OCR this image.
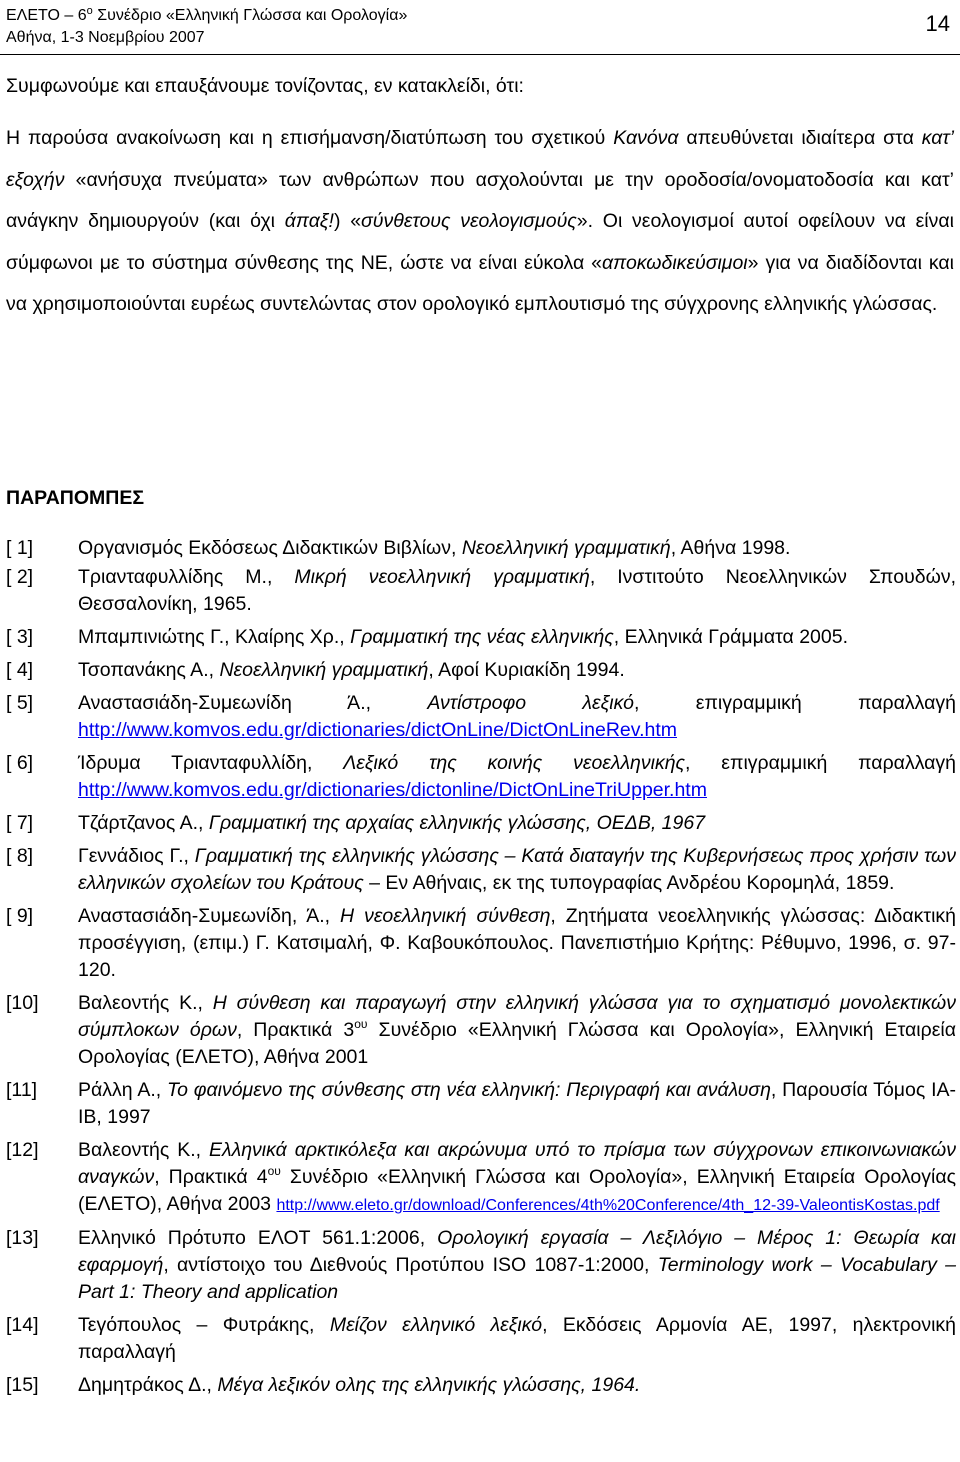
ΕΛΕΤΟ – $6^o$ Συνέδριο «Ελληνική Γλώσσα και Ορολογία»
Αθήνα, 1-3 Νοεμβρίου 2007
14
Συμφωνούμε και επαυξάνουμε τονίζοντας, εν κατακλείδι, ότι:
Η παρούσα ανακοίνωση και η επισήμανση/διατύπωση του σχετικού Κανόνα απευθύνεται ιδιαίτερα στα κατ’ εξοχήν «ανήσυχα πνεύματα» των ανθρώπων που ασχολούνται με την οροδοσία/ονοματοδοσία και κατ’ ανάγκην δημιουργούν (και όχι άπαξ!) «σύνθετους νεολογισμούς». Οι νεολογισμοί αυτοί οφείλουν να είναι σύμφωνοι με το σύστημα σύνθεσης της ΝΕ, ώστε να είναι εύκολα «αποκωδικεύσιμοι» για να διαδίδονται και να χρησιμοποιούνται ευρέως συντελώντας στον ορολογικό εμπλουτισμό της σύγχρονης ελληνικής γλώσσας.
ΠΑΡΑΠΟΜΠΕΣ
[ 1]	Οργανισμός Εκδόσεως Διδακτικών Βιβλίων, Νεοελληνική γραμματική, Αθήνα 1998.
[ 2]	Τριανταφυλλίδης Μ., Μικρή νεοελληνική γραμματική, Ινστιτούτο Νεοελληνικών Σπουδών, Θεσσαλονίκη, 1965.
[ 3]	Μπαμπινιώτης Γ., Κλαίρης Χρ., Γραμματική της νέας ελληνικής, Ελληνικά Γράμματα 2005.
[ 4]	Τσοπανάκης Α., Νεοελληνική γραμματική, Αφοί Κυριακίδη 1994.
[ 5]	Αναστασιάδη-Συμεωνίδη Ά., Αντίστροφο λεξικό, επιγραμμική παραλλαγή http://www.komvos.edu.gr/dictionaries/dictOnLine/DictOnLineRev.htm
[ 6]	Ίδρυμα Τριανταφυλλίδη, Λεξικό της κοινής νεοελληνικής, επιγραμμική παραλλαγή http://www.komvos.edu.gr/dictionaries/dictonline/DictOnLineTriUpper.htm
[ 7]	Τζάρτζανος Α., Γραμματική της αρχαίας ελληνικής γλώσσης, ΟΕΔΒ, 1967
[ 8]	Γεννάδιος Γ., Γραμματική της ελληνικής γλώσσης – Κατά διαταγήν της Κυβερνήσεως προς χρήσιν των ελληνικών σχολείων του Κράτους – Εν Αθήναις, εκ της τυπογραφίας Ανδρέου Κορομηλά, 1859.
[ 9]	Αναστασιάδη-Συμεωνίδη, Ά., Η νεοελληνική σύνθεση, Ζητήματα νεοελληνικής γλώσσας: Διδακτική προσέγγιση, (επιμ.) Γ. Κατσιμαλή, Φ. Καβουκόπουλος. Πανεπιστήμιο Κρήτης: Ρέθυμνο, 1996, σ. 97-120.
[10]	Βαλεοντής Κ., Η σύνθεση και παραγωγή στην ελληνική γλώσσα για το σχηματισμό μονολεκτικών σύμπλοκων όρων, Πρακτικά $3^{o\upsilon}$ Συνέδριο «Ελληνική Γλώσσα και Ορολογία», Ελληνική Εταιρεία Ορολογίας (ΕΛΕΤΟ), Αθήνα 2001
[11]	Ράλλη Α., Το φαινόμενο της σύνθεσης στη νέα ελληνική: Περιγραφή και ανάλυση, Παρουσία Τόμος ΙΑ-ΙΒ, 1997
[12]	Βαλεοντής Κ., Ελληνικά αρκτικόλεξα και ακρώνυμα υπό το πρίσμα των σύγχρονων επικοινωνιακών αναγκών, Πρακτικά $4^{o\upsilon}$ Συνέδριο «Ελληνική Γλώσσα και Ορολογία», Ελληνική Εταιρεία Ορολογίας (ΕΛΕΤΟ), Αθήνα 2003 http://www.eleto.gr/download/Conferences/4th%20Conference/4th_12-39-ValeontisKostas.pdf
[13]	Ελληνικό Πρότυπο ΕΛΟΤ 561.1:2006, Ορολογική εργασία – Λεξιλόγιο – Μέρος 1: Θεωρία και εφαρμογή, αντίστοιχο του Διεθνούς Προτύπου ISO 1087-1:2000, Terminology work – Vocabulary – Part 1: Theory and application
[14]	Τεγόπουλος – Φυτράκης, Μείζον ελληνικό λεξικό, Εκδόσεις Αρμονία ΑΕ, 1997, ηλεκτρονική παραλλαγή
[15]	Δημητράκος Δ., Μέγα λεξικόν ολης της ελληνικής γλώσσης, 1964.
